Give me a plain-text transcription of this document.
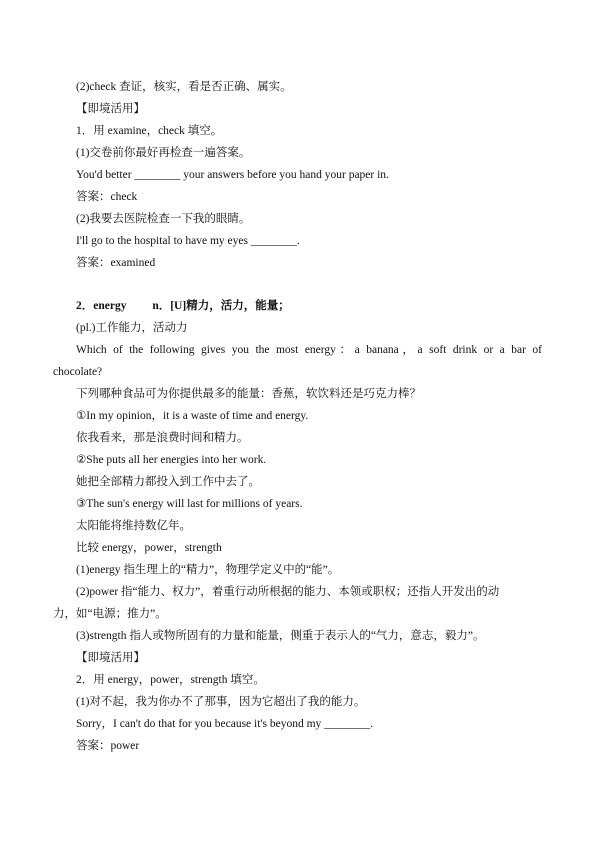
(2)check 查证，核实，看是否正确、属实。
【即境活用】
1．用 examine，check 填空。
(1)交卷前你最好再检查一遍答案。
You'd better ________ your answers before you hand your paper in.
答案：check
(2)我要去医院检查一下我的眼睛。
I'll go to the hospital to have my eyes ________.
答案：examined
2．energy　　 n．[U]精力，活力，能量；
(pl.)工作能力，活动力
Which of the following gives you the most energy：a banana，a soft drink or a bar of
chocolate?
下列哪种食品可为你提供最多的能量：香蕉，软饮料还是巧克力棒？
①In my opinion，it is a waste of time and energy.
依我看来，那是浪费时间和精力。
②She puts all her energies into her work.
她把全部精力都投入到工作中去了。
③The sun's energy will last for millions of years.
太阳能将维持数亿年。
比较 energy，power，strength
(1)energy 指生理上的“精力”，物理学定义中的“能”。
(2)power 指“能力、权力”，着重行动所根据的能力、本领或职权；还指人开发出的动
力，如“电源；推力”。
(3)strength 指人或物所固有的力量和能量，侧重于表示人的“气力，意志，毅力”。
【即境活用】
2．用 energy，power，strength 填空。
(1)对不起，我为你办不了那事，因为它超出了我的能力。
Sorry，I can't do that for you because it's beyond my ________.
答案：power
